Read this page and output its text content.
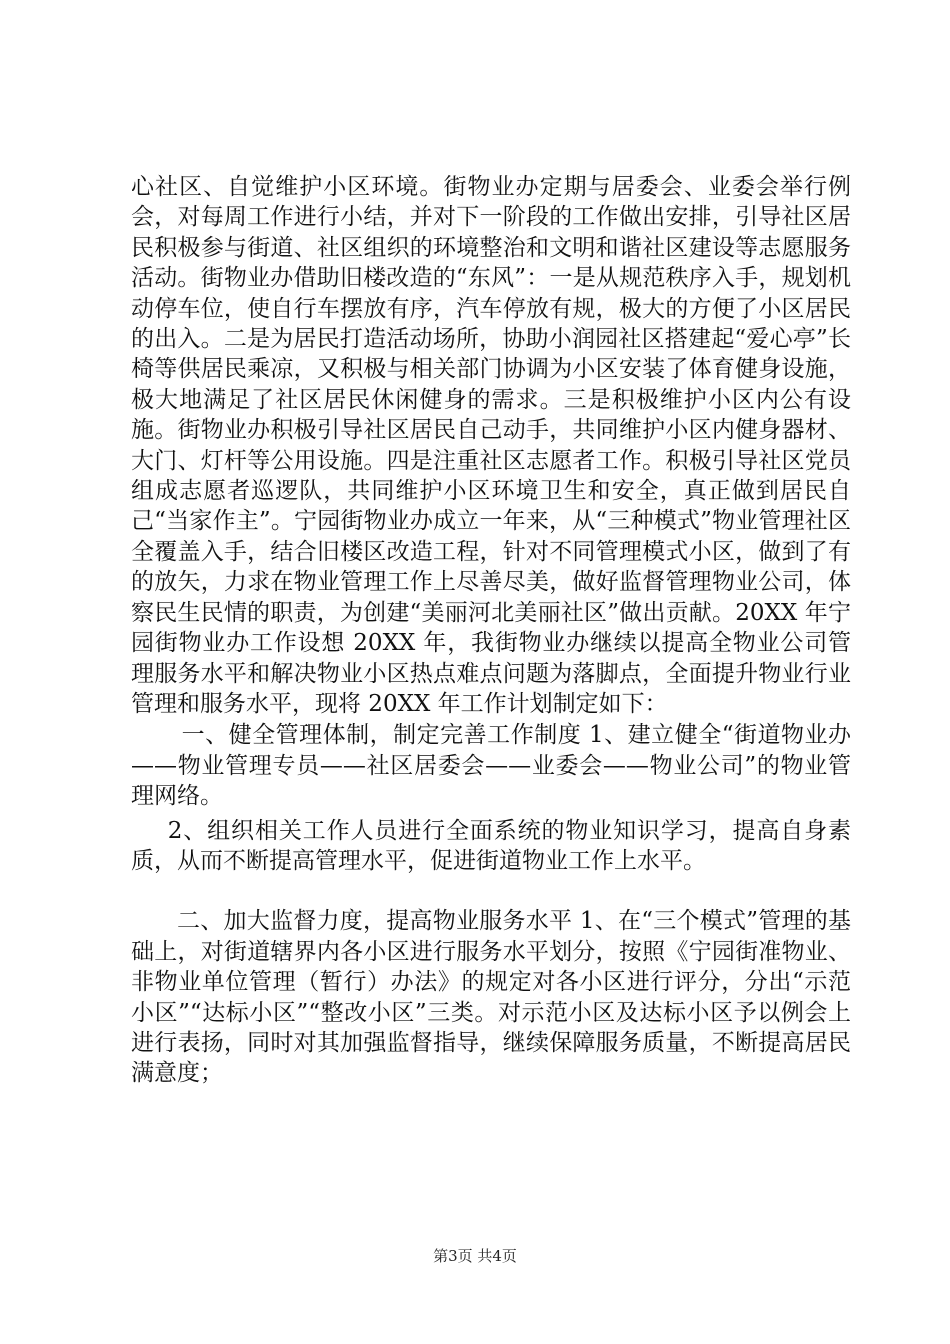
心社区、自觉维护小区环境。街物业办定期与居委会、业委会举行例会，对每周工作进行小结，并对下一阶段的工作做出安排，引导社区居民积极参与街道、社区组织的环境整治和文明和谐社区建设等志愿服务活动。街物业办借助旧楼改造的“东风”：一是从规范秩序入手，规划机动停车位，使自行车摆放有序，汽车停放有规，极大的方便了小区居民的出入。二是为居民打造活动场所，协助小润园社区搭建起“爱心亭”长椅等供居民乘凉，又积极与相关部门协调为小区安装了体育健身设施，极大地满足了社区居民休闲健身的需求。三是积极维护小区内公有设施。街物业办积极引导社区居民自己动手，共同维护小区内健身器材、大门、灯杆等公用设施。四是注重社区志愿者工作。积极引导社区党员组成志愿者巡逻队，共同维护小区环境卫生和安全，真正做到居民自己“当家作主”。宁园街物业办成立一年来，从“三种模式”物业管理社区全覆盖入手，结合旧楼区改造工程，针对不同管理模式小区，做到了有的放矢，力求在物业管理工作上尽善尽美，做好监督管理物业公司，体察民生民情的职责，为创建“美丽河北美丽社区”做出贡献。20XX 年宁园街物业办工作设想 20XX 年，我街物业办继续以提高全物业公司管理服务水平和解决物业小区热点难点问题为落脚点，全面提升物业行业管理和服务水平，现将 20XX 年工作计划制定如下：

一、健全管理体制，制定完善工作制度 1、建立健全“街道物业办——物业管理专员——社区居委会——业委会——物业公司”的物业管理网络。

2、组织相关工作人员进行全面系统的物业知识学习，提高自身素质，从而不断提高管理水平，促进街道物业工作上水平。

二、加大监督力度，提高物业服务水平 1、在“三个模式”管理的基础上，对街道辖界内各小区进行服务水平划分，按照《宁园街准物业、非物业单位管理（暂行）办法》的规定对各小区进行评分，分出“示范小区”“达标小区”“整改小区”三类。对示范小区及达标小区予以例会上进行表扬，同时对其加强监督指导，继续保障服务质量，不断提高居民满意度；

第3页 共4页
